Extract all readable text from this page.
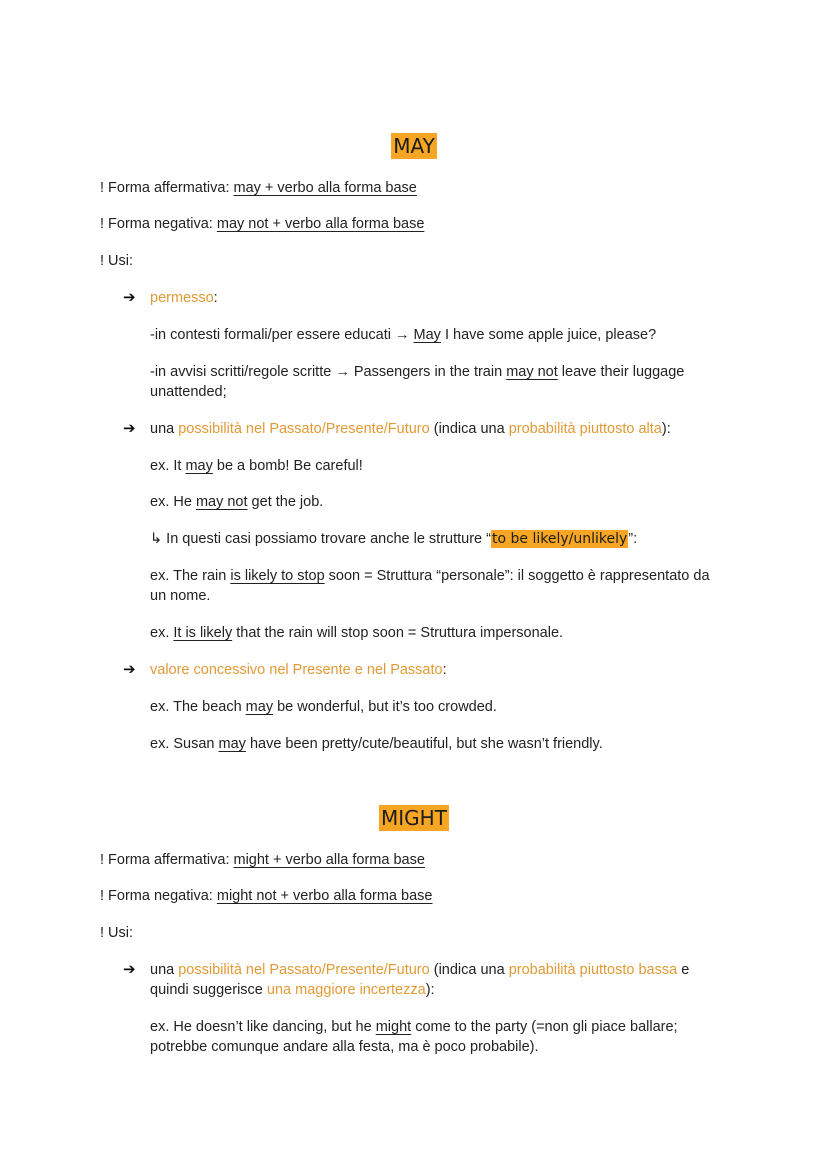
MAY
! Forma affermativa: may + verbo alla forma base
! Forma negativa: may not + verbo alla forma base
! Usi:
➔ permesso:
-in contesti formali/per essere educati → May I have some apple juice, please?
-in avvisi scritti/regole scritte → Passengers in the train may not leave their luggage unattended;
➔ una possibilità nel Passato/Presente/Futuro (indica una probabilità piuttosto alta):
ex. It may be a bomb! Be careful!
ex. He may not get the job.
↳ In questi casi possiamo trovare anche le strutture “to be likely/unlikely”:
ex. The rain is likely to stop soon = Struttura “personale”: il soggetto è rappresentato da un nome.
ex. It is likely that the rain will stop soon = Struttura impersonale.
➔ valore concessivo nel Presente e nel Passato:
ex. The beach may be wonderful, but it’s too crowded.
ex. Susan may have been pretty/cute/beautiful, but she wasn’t friendly.
MIGHT
! Forma affermativa: might + verbo alla forma base
! Forma negativa: might not + verbo alla forma base
! Usi:
➔ una possibilità nel Passato/Presente/Futuro (indica una probabilità piuttosto bassa e quindi suggerisce una maggiore incertezza):
ex. He doesn’t like dancing, but he might come to the party (=non gli piace ballare; potrebbe comunque andare alla festa, ma è poco probabile).
